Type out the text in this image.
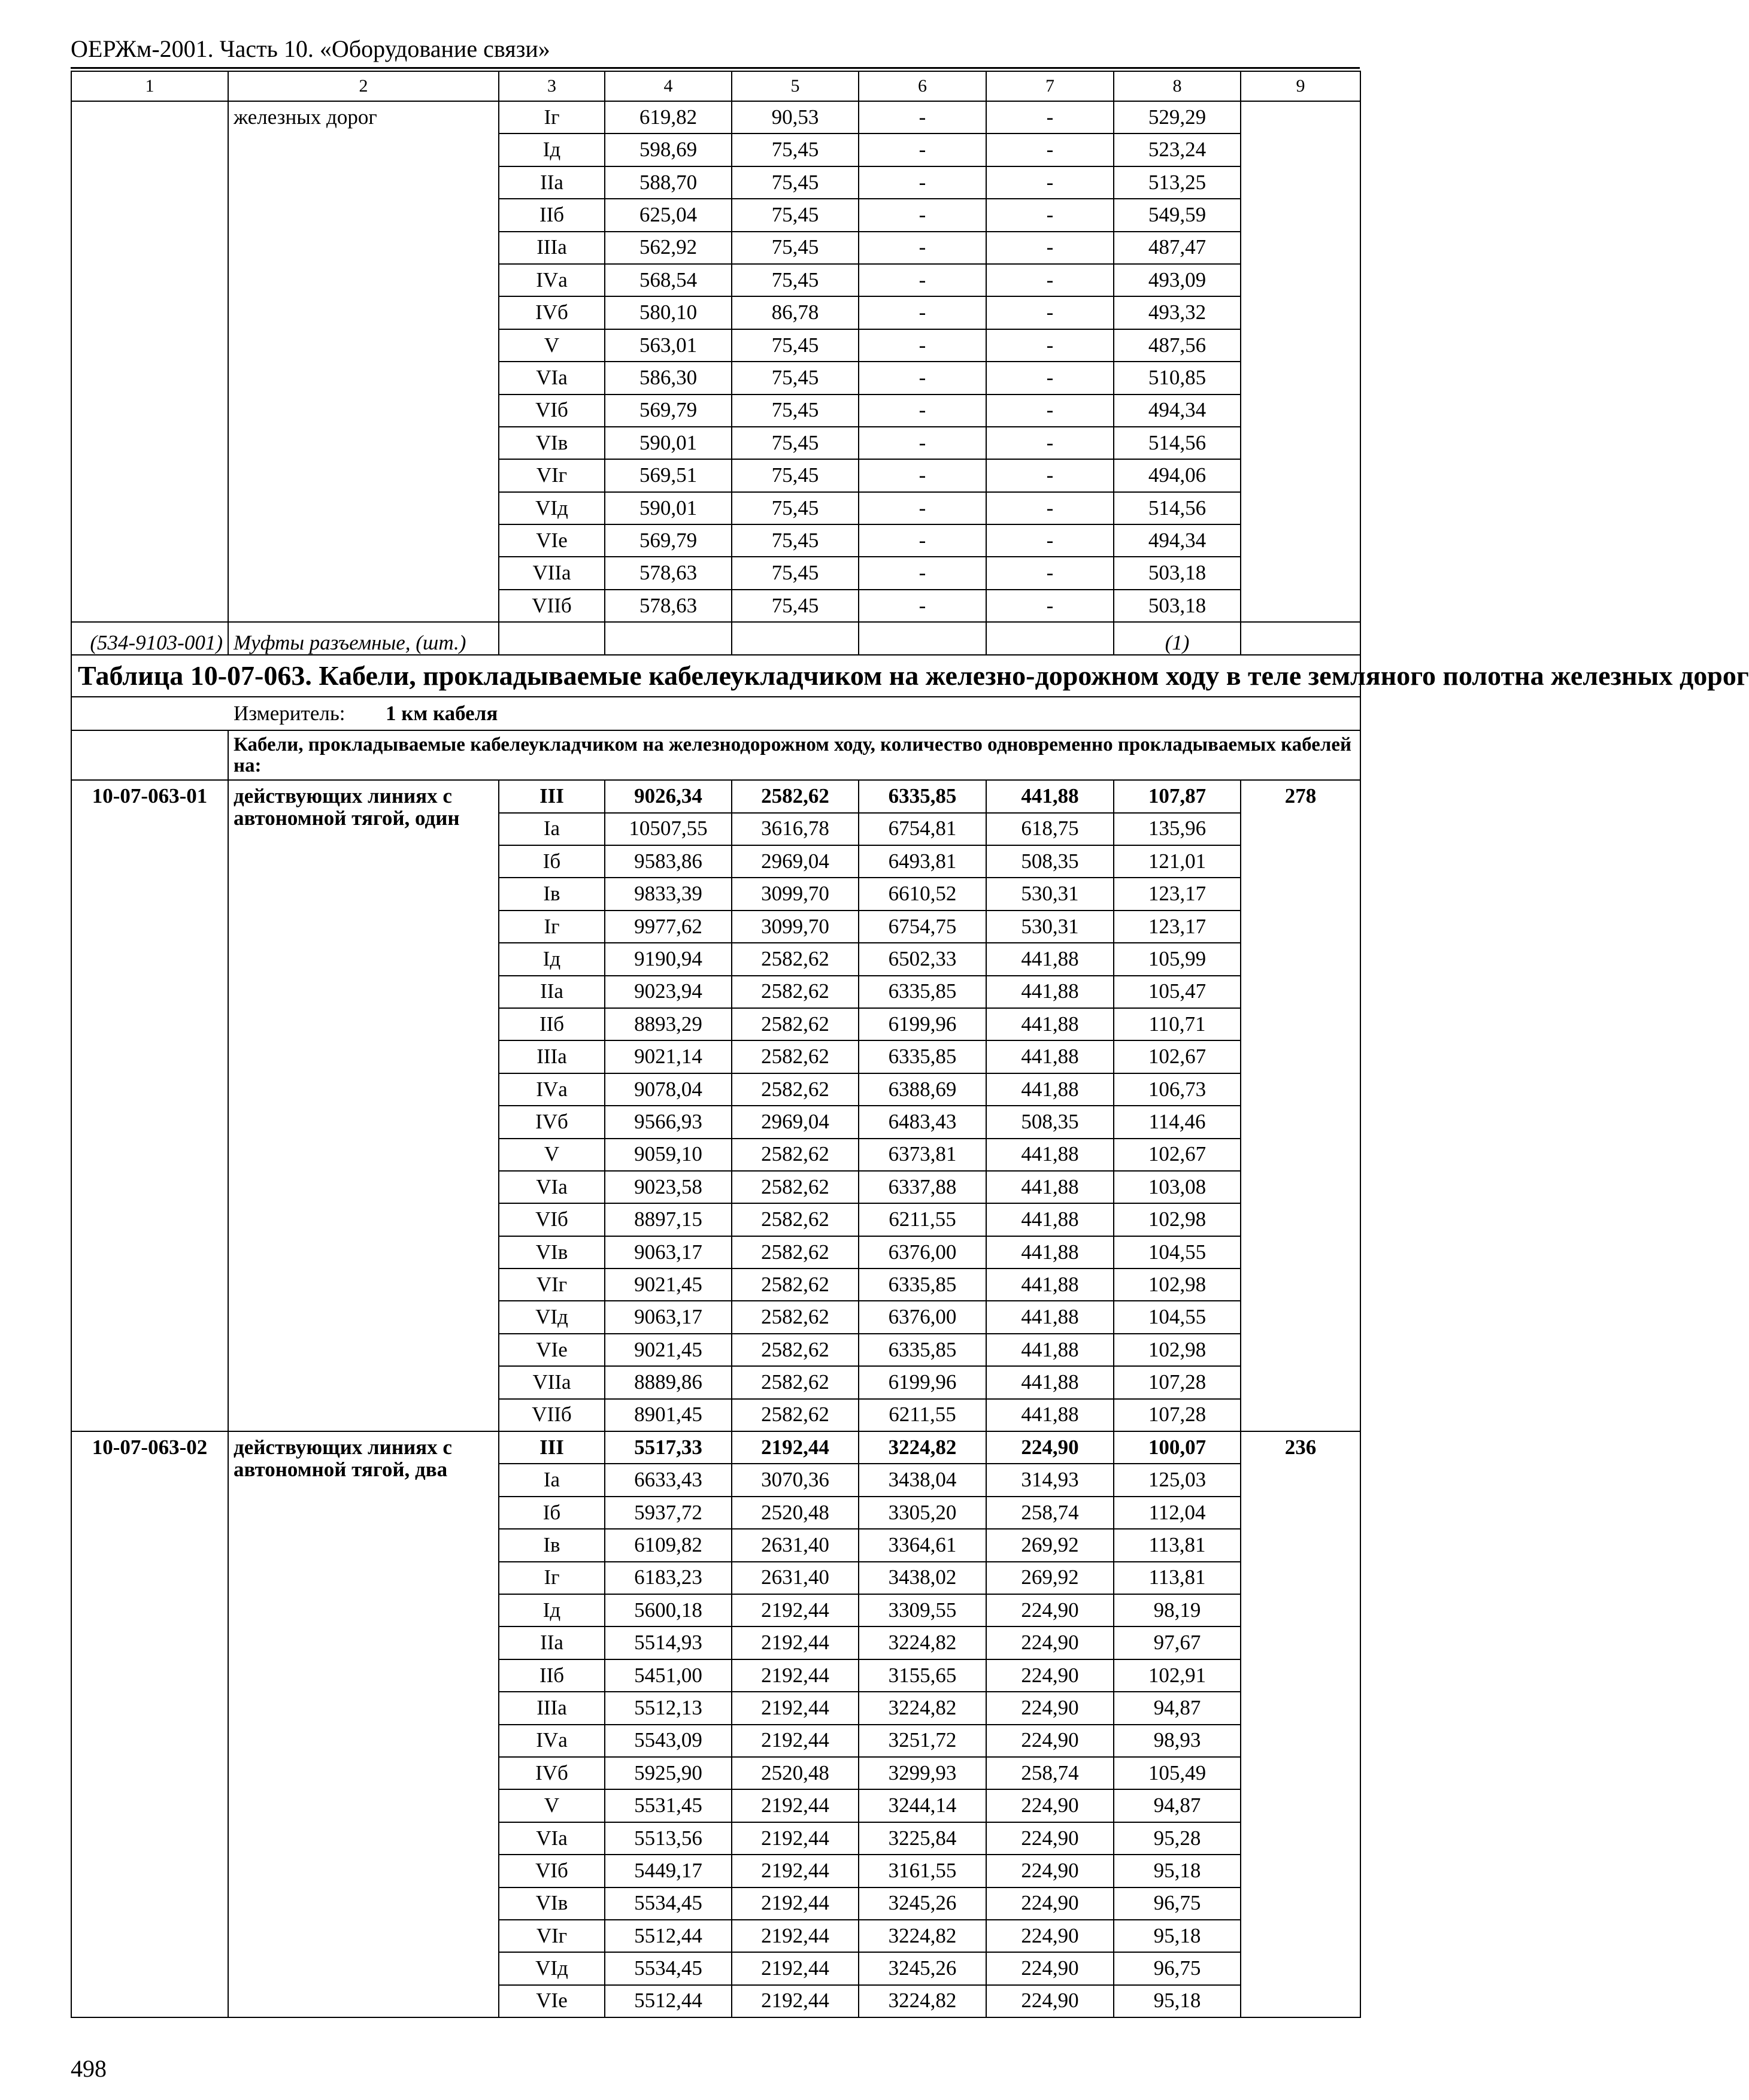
ОЕРЖм-2001. Часть 10. «Оборудование связи»
1	2	3	4	5	6	7	8	9
	железных дорог	Iг	619,82	90,53	-	-	529,29	
		Iд	598,69	75,45	-	-	523,24	
		IIа	588,70	75,45	-	-	513,25	
		IIб	625,04	75,45	-	-	549,59	
		IIIа	562,92	75,45	-	-	487,47	
		IVа	568,54	75,45	-	-	493,09	
		IVб	580,10	86,78	-	-	493,32	
		V	563,01	75,45	-	-	487,56	
		VIа	586,30	75,45	-	-	510,85	
		VIб	569,79	75,45	-	-	494,34	
		VIв	590,01	75,45	-	-	514,56	
		VIг	569,51	75,45	-	-	494,06	
		VIд	590,01	75,45	-	-	514,56	
		VIе	569,79	75,45	-	-	494,34	
		VIIа	578,63	75,45	-	-	503,18	
		VIIб	578,63	75,45	-	-	503,18	
(534-9103-001)	Муфты разъемные, (шт.)						(1)	
Таблица 10-07-063. Кабели, прокладываемые кабелеукладчиком на железно-дорожном ходу в теле земляного полотна железных дорог								
Измеритель: 1 км кабеля								
	Кабели, прокладываемые кабелеукладчиком на железнодорожном ходу, количество одновременно прокладываемых кабелей на:							
10-07-063-01	действующих линиях с автономной тягой, один	III	9026,34	2582,62	6335,85	441,88	107,87	278
		Iа	10507,55	3616,78	6754,81	618,75	135,96	
		Iб	9583,86	2969,04	6493,81	508,35	121,01	
		Iв	9833,39	3099,70	6610,52	530,31	123,17	
		Iг	9977,62	3099,70	6754,75	530,31	123,17	
		Iд	9190,94	2582,62	6502,33	441,88	105,99	
		IIа	9023,94	2582,62	6335,85	441,88	105,47	
		IIб	8893,29	2582,62	6199,96	441,88	110,71	
		IIIа	9021,14	2582,62	6335,85	441,88	102,67	
		IVа	9078,04	2582,62	6388,69	441,88	106,73	
		IVб	9566,93	2969,04	6483,43	508,35	114,46	
		V	9059,10	2582,62	6373,81	441,88	102,67	
		VIа	9023,58	2582,62	6337,88	441,88	103,08	
		VIб	8897,15	2582,62	6211,55	441,88	102,98	
		VIв	9063,17	2582,62	6376,00	441,88	104,55	
		VIг	9021,45	2582,62	6335,85	441,88	102,98	
		VIд	9063,17	2582,62	6376,00	441,88	104,55	
		VIе	9021,45	2582,62	6335,85	441,88	102,98	
		VIIа	8889,86	2582,62	6199,96	441,88	107,28	
		VIIб	8901,45	2582,62	6211,55	441,88	107,28	
10-07-063-02	действующих линиях с автономной тягой, два	III	5517,33	2192,44	3224,82	224,90	100,07	236
		Iа	6633,43	3070,36	3438,04	314,93	125,03	
		Iб	5937,72	2520,48	3305,20	258,74	112,04	
		Iв	6109,82	2631,40	3364,61	269,92	113,81	
		Iг	6183,23	2631,40	3438,02	269,92	113,81	
		Iд	5600,18	2192,44	3309,55	224,90	98,19	
		IIа	5514,93	2192,44	3224,82	224,90	97,67	
		IIб	5451,00	2192,44	3155,65	224,90	102,91	
		IIIа	5512,13	2192,44	3224,82	224,90	94,87	
		IVа	5543,09	2192,44	3251,72	224,90	98,93	
		IVб	5925,90	2520,48	3299,93	258,74	105,49	
		V	5531,45	2192,44	3244,14	224,90	94,87	
		VIа	5513,56	2192,44	3225,84	224,90	95,28	
		VIб	5449,17	2192,44	3161,55	224,90	95,18	
		VIв	5534,45	2192,44	3245,26	224,90	96,75	
		VIг	5512,44	2192,44	3224,82	224,90	95,18	
		VIд	5534,45	2192,44	3245,26	224,90	96,75	
		VIе	5512,44	2192,44	3224,82	224,90	95,18	
498
